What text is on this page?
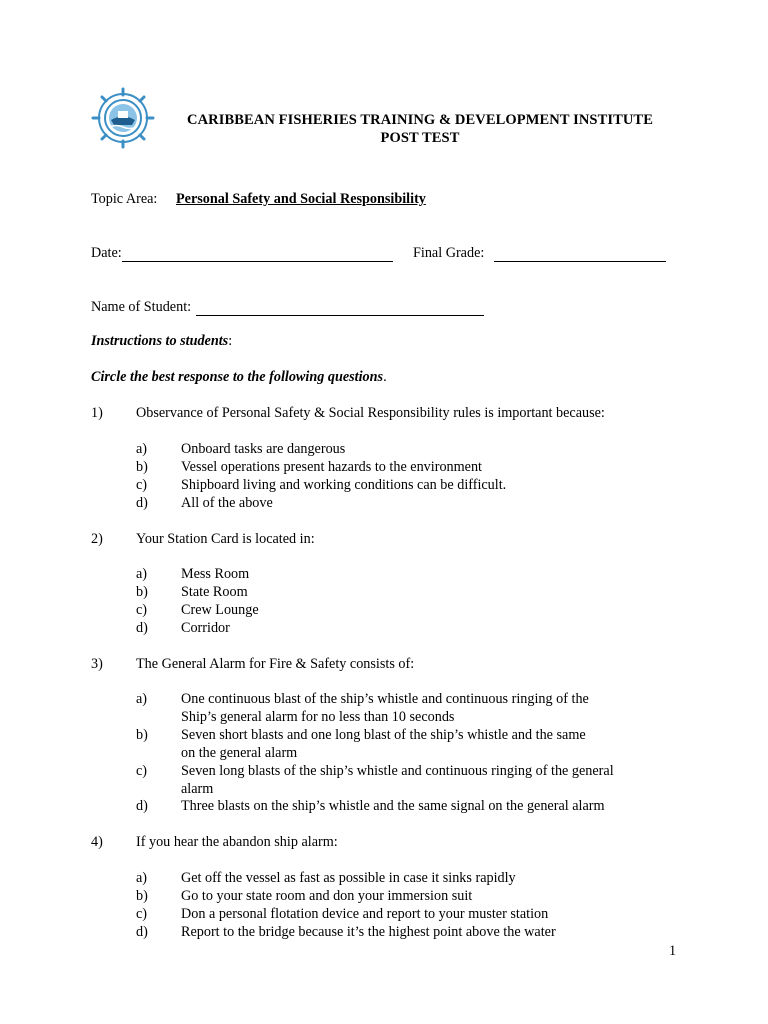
CARIBBEAN FISHERIES TRAINING & DEVELOPMENT INSTITUTE
POST TEST
Topic Area: Personal Safety and Social Responsibility
Date:	Final Grade:
Name of Student:
Instructions to students:
Circle the best response to the following questions.
1) Observance of Personal Safety & Social Responsibility rules is important because:
a) Onboard tasks are dangerous
b) Vessel operations present hazards to the environment
c) Shipboard living and working conditions can be difficult.
d) All of the above
2) Your Station Card is located in:
a) Mess Room
b) State Room
c) Crew Lounge
d) Corridor
3) The General Alarm for Fire & Safety consists of:
a) One continuous blast of the ship’s whistle and continuous ringing of the
Ship’s general alarm for no less than 10 seconds
b) Seven short blasts and one long blast of the ship’s whistle and the same
on the general alarm
c) Seven long blasts of the ship’s whistle and continuous ringing of the general
alarm
d) Three blasts on the ship’s whistle and the same signal on the general alarm
4) If you hear the abandon ship alarm:
a) Get off the vessel as fast as possible in case it sinks rapidly
b) Go to your state room and don your immersion suit
c) Don a personal flotation device and report to your muster station
d) Report to the bridge because it’s the highest point above the water
1
